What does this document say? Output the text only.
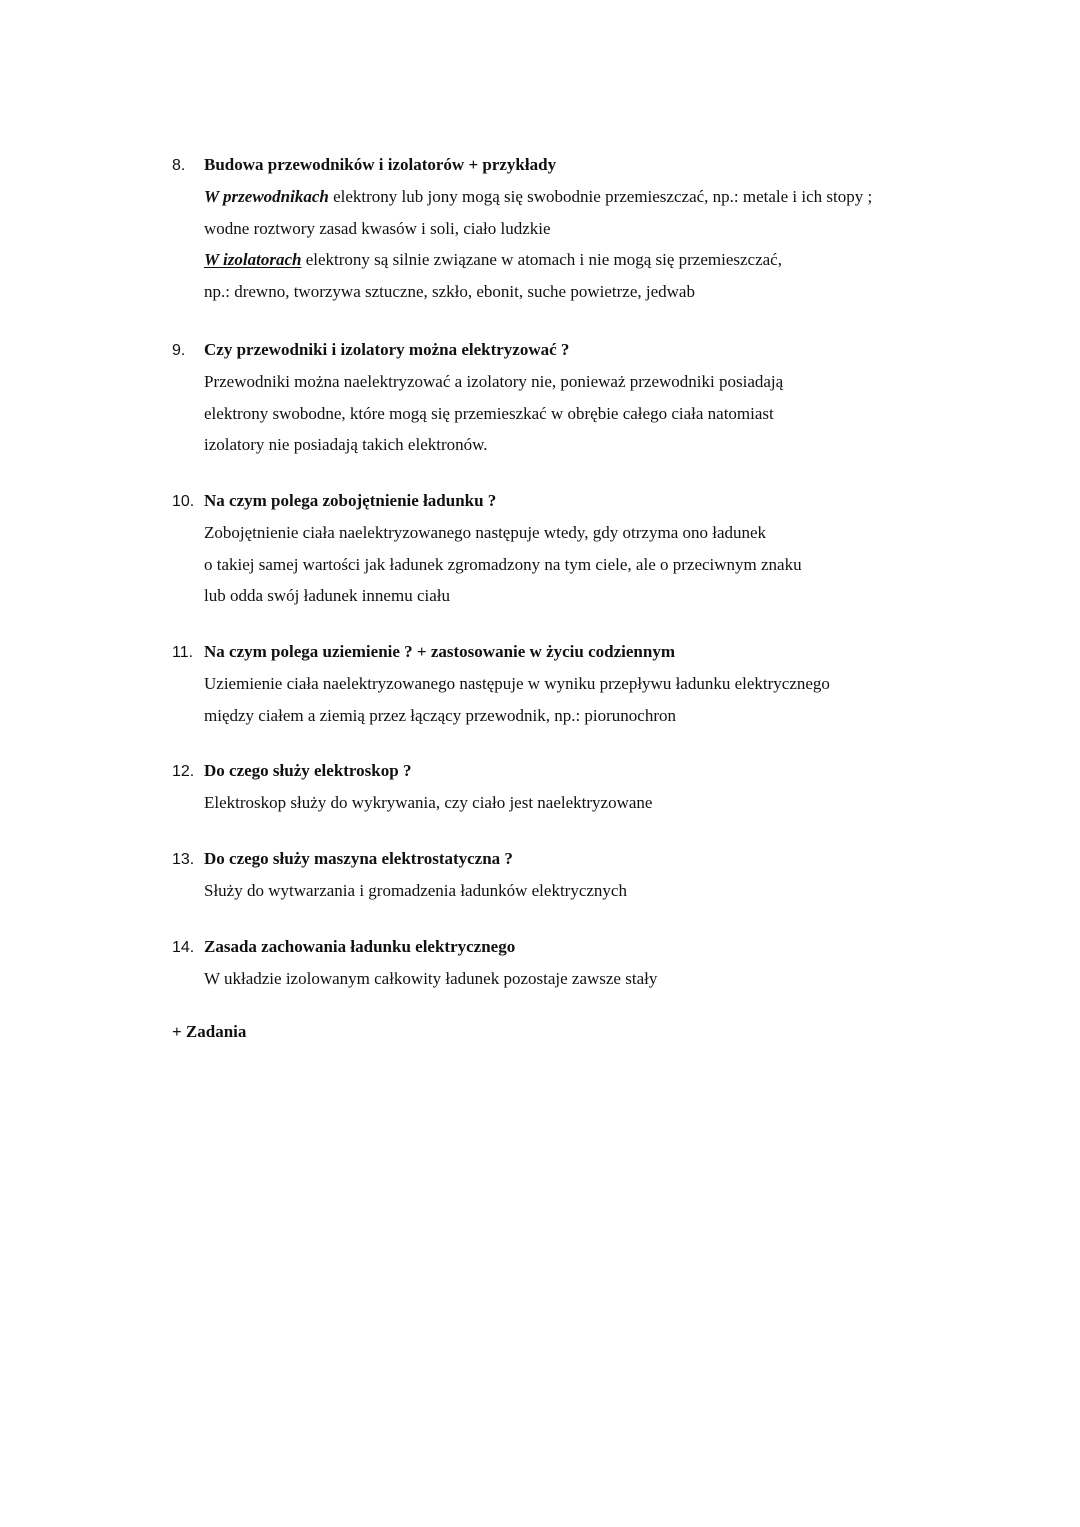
8.	Budowa przewodników i izolatorów + przykłady
W przewodnikach elektrony lub jony mogą się swobodnie przemieszczać, np.: metale i ich stopy ;
wodne roztwory zasad kwasów i soli, ciało ludzkie
W izolatorach elektrony są silnie związane w atomach i nie mogą się przemieszczać,
np.: drewno, tworzywa sztuczne, szkło, ebonit, suche powietrze, jedwab
9.	Czy przewodniki i izolatory można elektryzować ?
Przewodniki można naelektryzować a izolatory nie, ponieważ przewodniki posiadają
elektrony swobodne, które mogą się przemieszkać w obrębie całego ciała natomiast
izolatory nie posiadają takich elektronów.
10. Na czym polega zobojętnienie ładunku ?
Zobojętnienie ciała naelektryzowanego następuje wtedy, gdy otrzyma ono ładunek
o takiej samej wartości jak ładunek zgromadzony na tym ciele, ale o przeciwnym znaku
lub odda swój ładunek innemu ciału
11. Na czym polega uziemienie ? + zastosowanie w życiu codziennym
Uziemienie ciała naelektryzowanego następuje w wyniku przepływu ładunku elektrycznego
między ciałem a ziemią przez łączący przewodnik, np.: piorunochron
12. Do czego służy elektroskop ?
Elektroskop służy do wykrywania, czy ciało jest naelektryzowane
13. Do czego służy maszyna elektrostatyczna ?
Służy do wytwarzania i gromadzenia ładunków elektrycznych
14. Zasada zachowania ładunku elektrycznego
W układzie izolowanym całkowity ładunek pozostaje zawsze stały
+ Zadania
